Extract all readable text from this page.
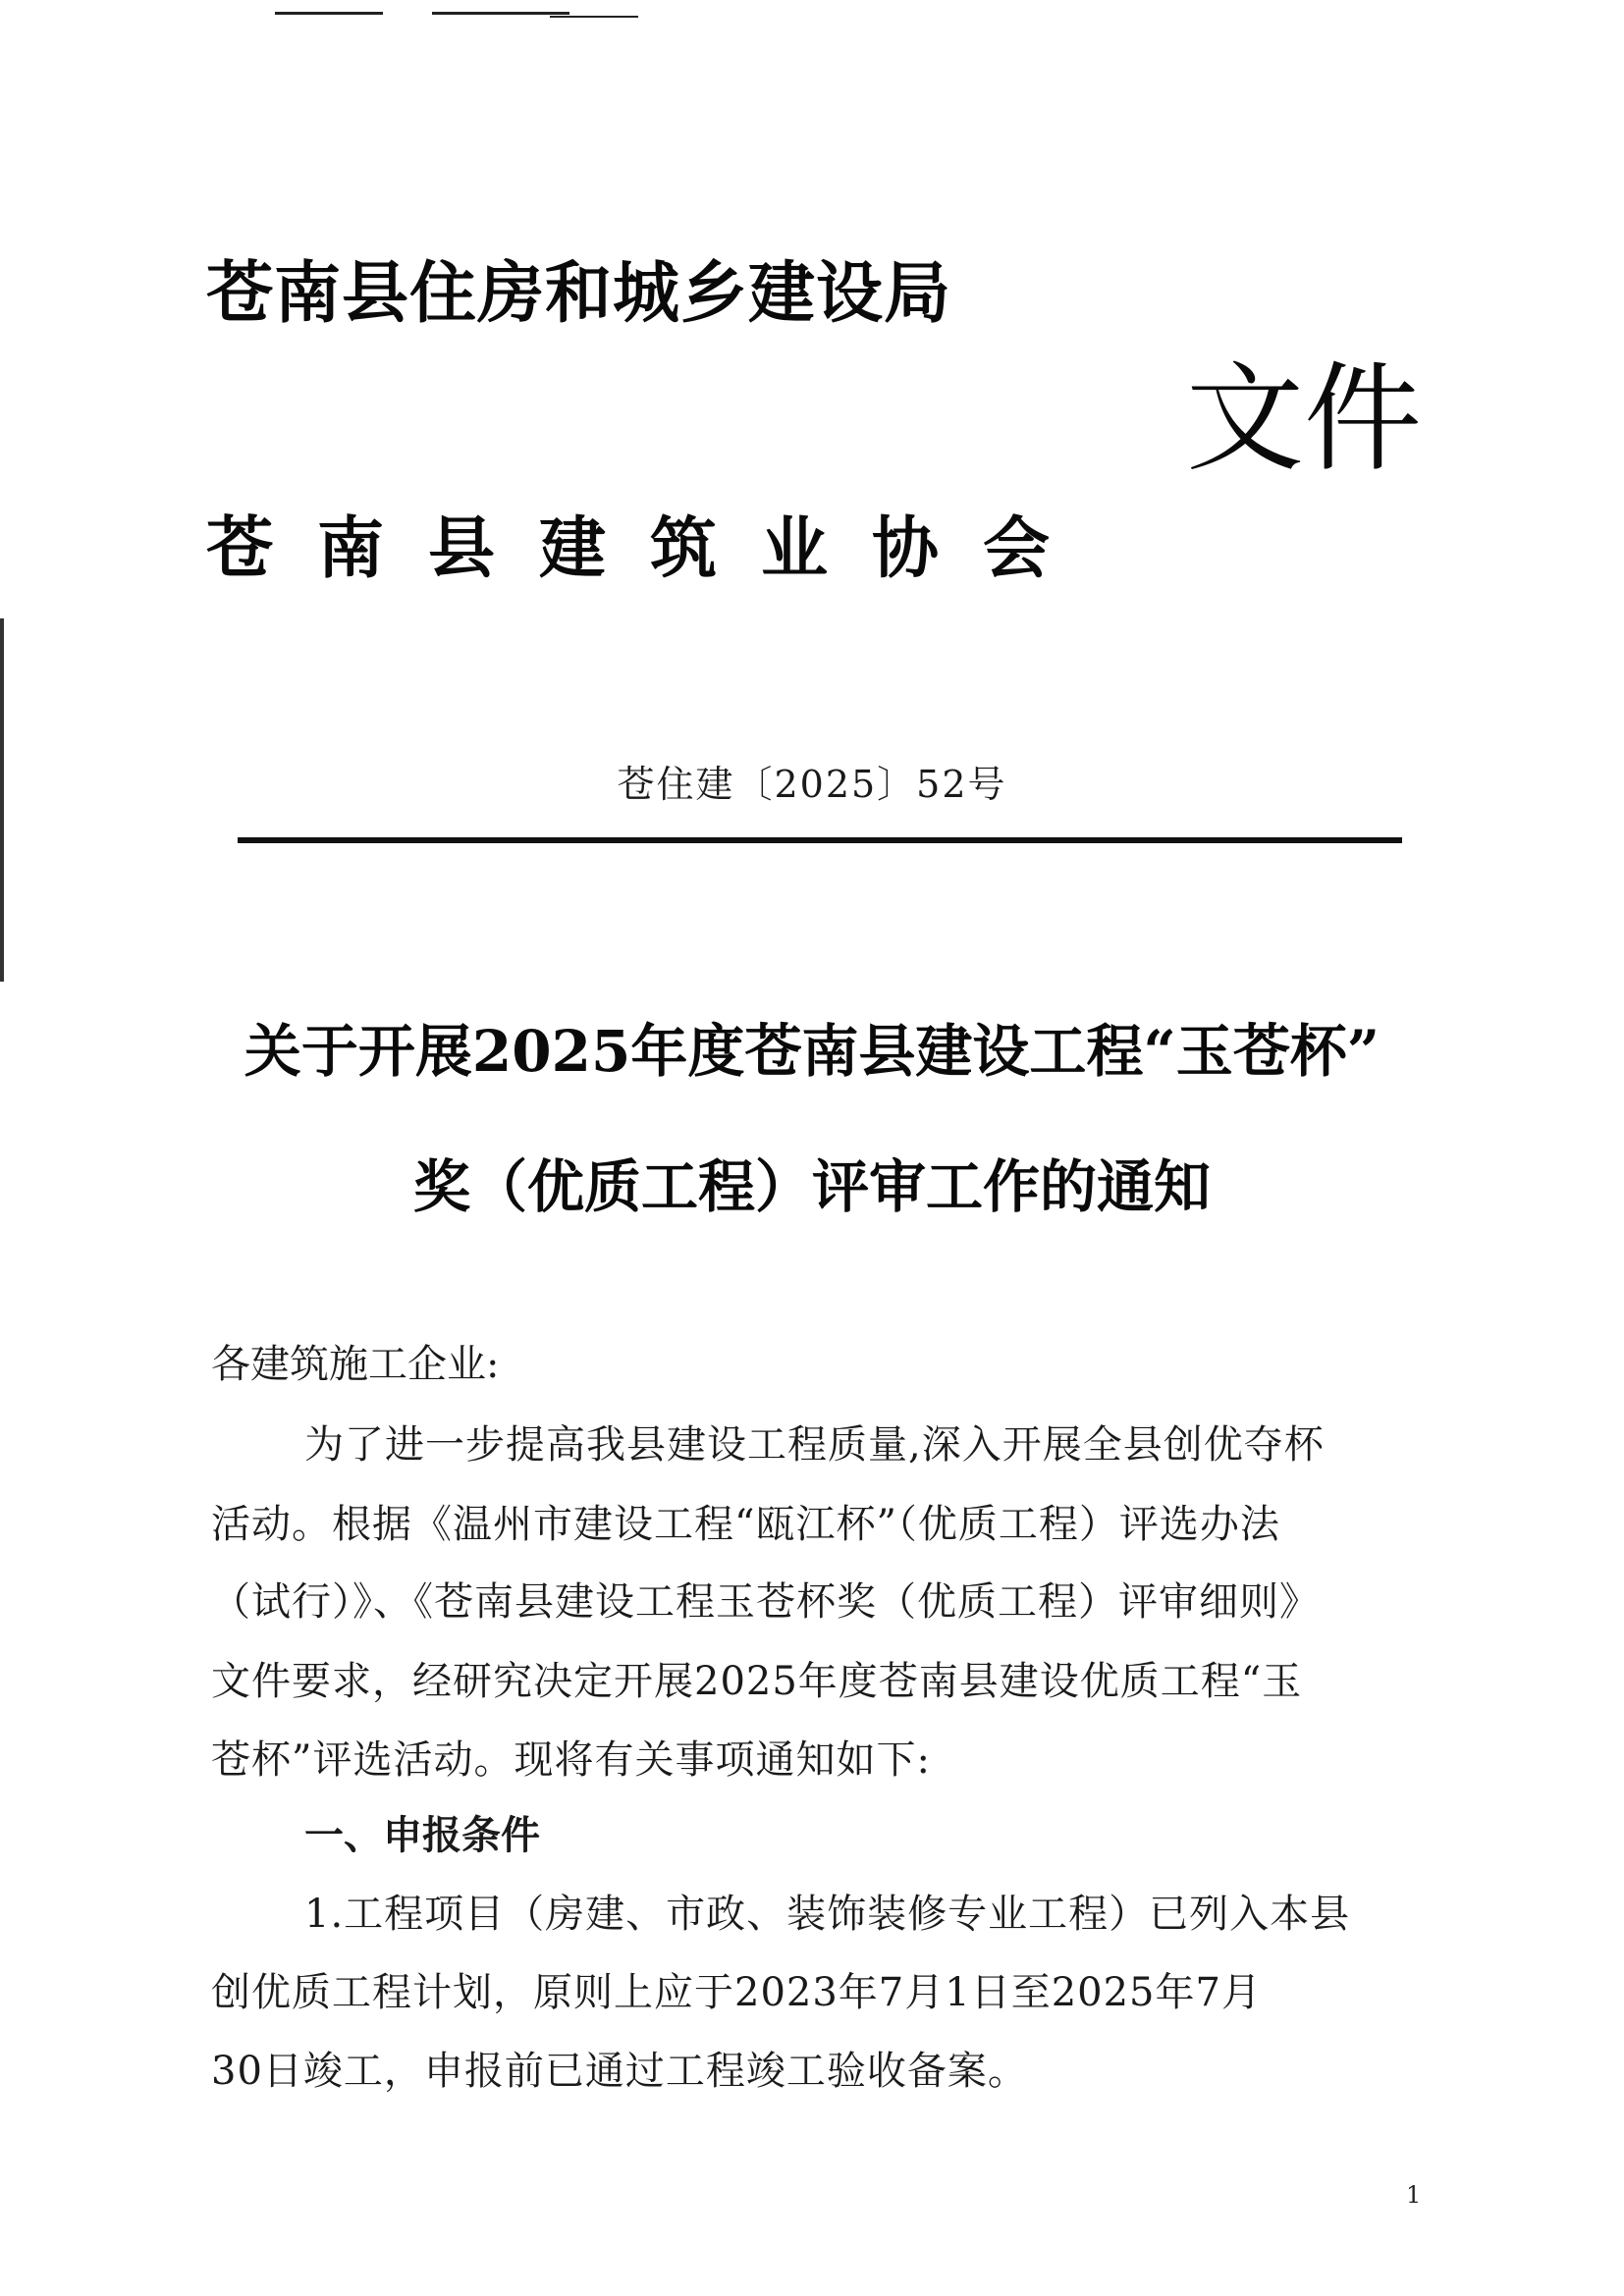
苍南县住房和城乡建设局
苍南县建筑业协会
文件
苍住建〔2025〕52号
关于开展2025年度苍南县建设工程“玉苍杯”
奖（优质工程）评审工作的通知
各建筑施工企业:
为了进一步提高我县建设工程质量,深入开展全县创优夺杯
活动。根据《温州市建设工程“瓯江杯”（优质工程）评选办法
（试行）》、《苍南县建设工程玉苍杯奖（优质工程）评审细则》
文件要求，经研究决定开展2025年度苍南县建设优质工程“玉
苍杯”评选活动。现将有关事项通知如下:
一、申报条件
1.工程项目（房建、市政、装饰装修专业工程）已列入本县
创优质工程计划，原则上应于2023年7月1日至2025年7月
30日竣工，申报前已通过工程竣工验收备案。
1
